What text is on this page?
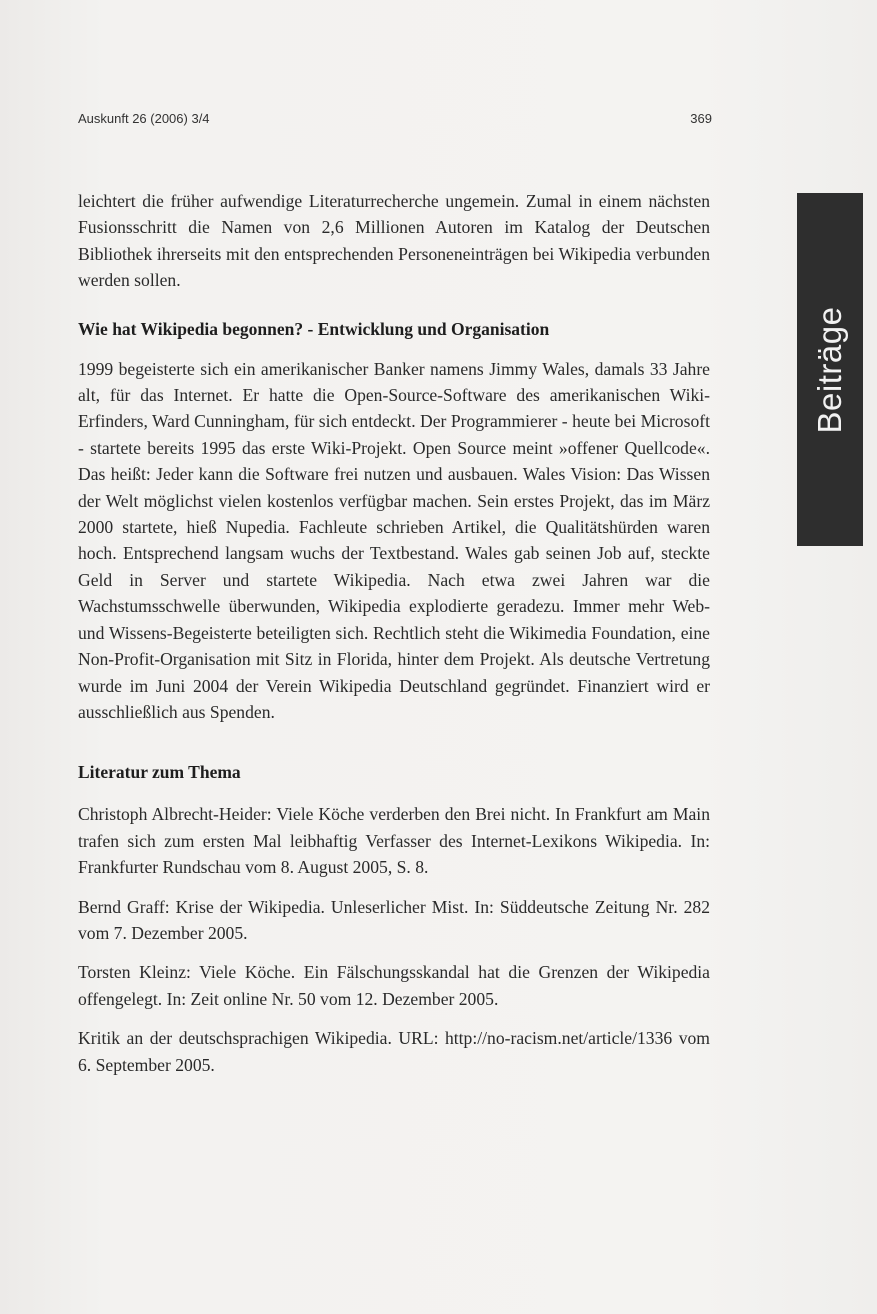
Auskunft 26 (2006) 3/4	369
Beiträge

leichtert die früher aufwendige Literaturrecherche ungemein. Zumal in einem nächsten Fusionsschritt die Namen von 2,6 Millionen Autoren im Katalog der Deutschen Bibliothek ihrerseits mit den entsprechenden Personeneinträgen bei Wikipedia verbunden werden sollen.

Wie hat Wikipedia begonnen? - Entwicklung und Organisation

1999 begeisterte sich ein amerikanischer Banker namens Jimmy Wales, damals 33 Jahre alt, für das Internet. Er hatte die Open-Source-Software des amerikanischen Wiki-Erfinders, Ward Cunningham, für sich entdeckt. Der Programmierer - heute bei Microsoft - startete bereits 1995 das erste Wiki-Projekt. Open Source meint »offener Quellcode«. Das heißt: Jeder kann die Software frei nutzen und ausbauen. Wales Vision: Das Wissen der Welt möglichst vielen kostenlos verfügbar machen. Sein erstes Projekt, das im März 2000 startete, hieß Nupedia. Fachleute schrieben Artikel, die Qualitätshürden waren hoch. Entsprechend langsam wuchs der Textbestand. Wales gab seinen Job auf, steckte Geld in Server und startete Wikipedia. Nach etwa zwei Jahren war die Wachstumsschwelle überwunden, Wikipedia explodierte geradezu. Immer mehr Web- und Wissens-Begeisterte beteiligten sich. Rechtlich steht die Wikimedia Foundation, eine Non-Profit-Organisation mit Sitz in Florida, hinter dem Projekt. Als deutsche Vertretung wurde im Juni 2004 der Verein Wikipedia Deutschland gegründet. Finanziert wird er ausschließlich aus Spenden.

Literatur zum Thema

Christoph Albrecht-Heider: Viele Köche verderben den Brei nicht. In Frankfurt am Main trafen sich zum ersten Mal leibhaftig Verfasser des Internet-Lexikons Wikipedia. In: Frankfurter Rundschau vom 8. August 2005, S. 8.

Bernd Graff: Krise der Wikipedia. Unleserlicher Mist. In: Süddeutsche Zeitung Nr. 282 vom 7. Dezember 2005.

Torsten Kleinz: Viele Köche. Ein Fälschungsskandal hat die Grenzen der Wikipedia offengelegt. In: Zeit online Nr. 50 vom 12. Dezember 2005.

Kritik an der deutschsprachigen Wikipedia. URL: http://no-racism.net/article/1336 vom 6. September 2005.
